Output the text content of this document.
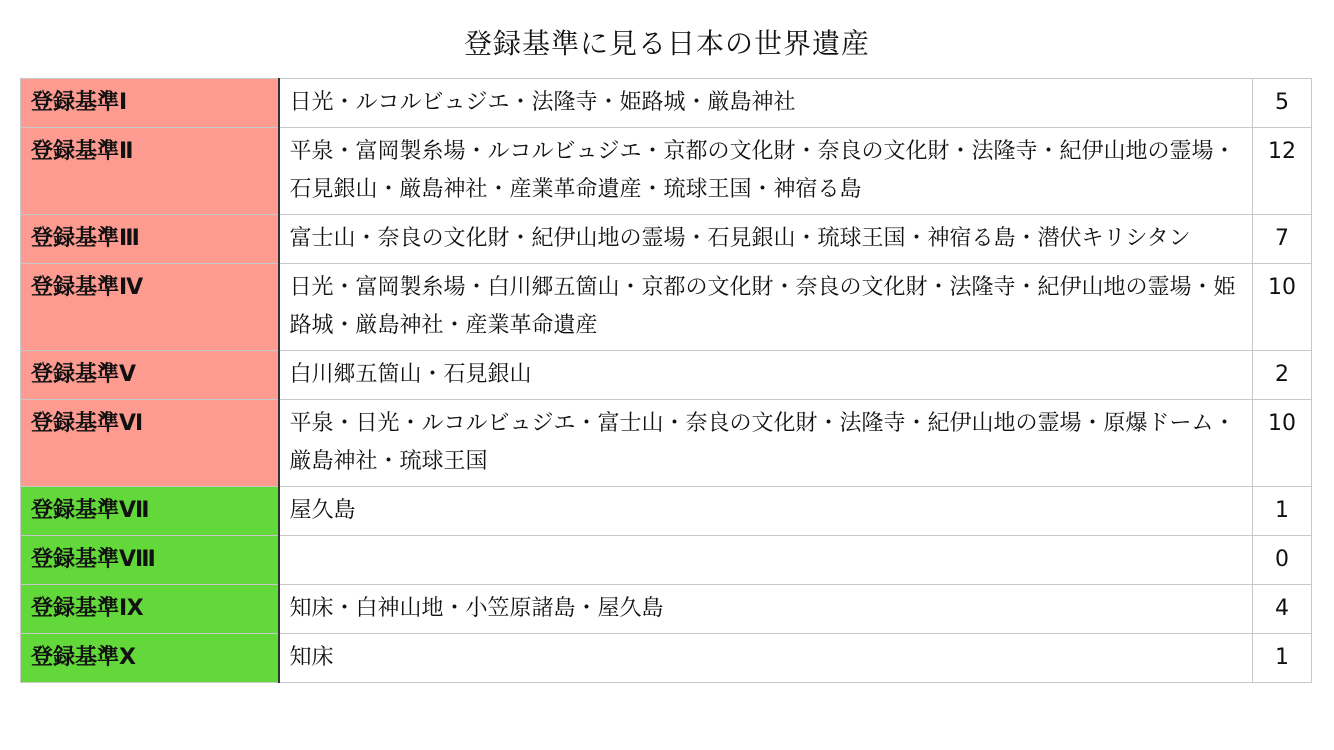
登録基準に見る日本の世界遺産
登録基準Ⅰ	日光・ルコルビュジエ・法隆寺・姫路城・厳島神社	5
登録基準Ⅱ	平泉・富岡製糸場・ルコルビュジエ・京都の文化財・奈良の文化財・法隆寺・紀伊山地の霊場・石見銀山・厳島神社・産業革命遺産・琉球王国・神宿る島	12
登録基準Ⅲ	富士山・奈良の文化財・紀伊山地の霊場・石見銀山・琉球王国・神宿る島・潜伏キリシタン	7
登録基準Ⅳ	日光・富岡製糸場・白川郷五箇山・京都の文化財・奈良の文化財・法隆寺・紀伊山地の霊場・姫路城・厳島神社・産業革命遺産	10
登録基準Ⅴ	白川郷五箇山・石見銀山	2
登録基準Ⅵ	平泉・日光・ルコルビュジエ・富士山・奈良の文化財・法隆寺・紀伊山地の霊場・原爆ドーム・厳島神社・琉球王国	10
登録基準Ⅶ	屋久島	1
登録基準Ⅷ		0
登録基準Ⅸ	知床・白神山地・小笠原諸島・屋久島	4
登録基準Ⅹ	知床	1
